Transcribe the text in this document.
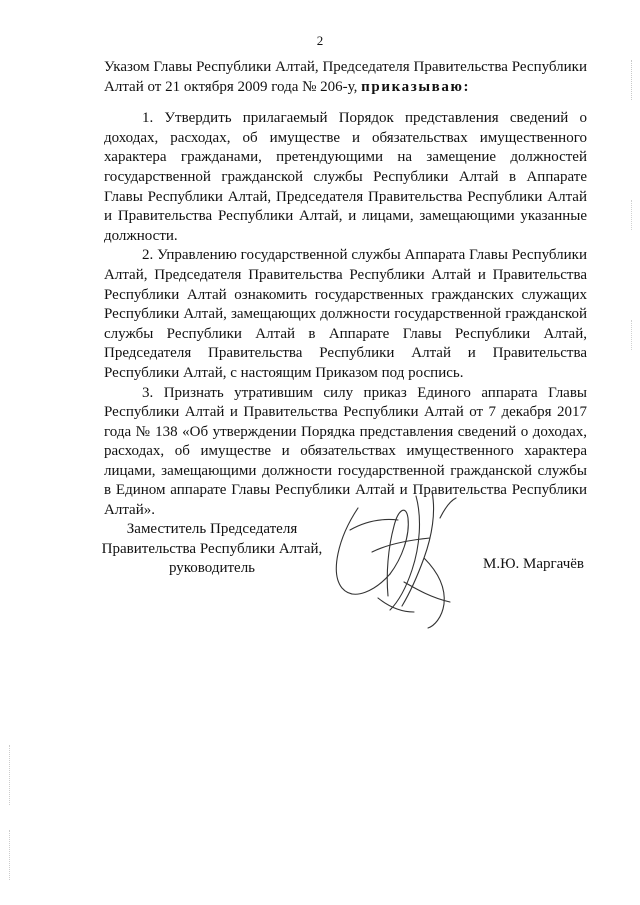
2

Указом Главы Республики Алтай, Председателя Правительства Республики Алтай от 21 октября 2009 года № 206-у, приказываю:

1. Утвердить прилагаемый Порядок представления сведений о доходах, расходах, об имуществе и обязательствах имущественного характера гражданами, претендующими на замещение должностей государственной гражданской службы Республики Алтай в Аппарате Главы Республики Алтай, Председателя Правительства Республики Алтай и Правительства Республики Алтай, и лицами, замещающими указанные должности.

2. Управлению государственной службы Аппарата Главы Республики Алтай, Председателя Правительства Республики Алтай и Правительства Республики Алтай ознакомить государственных гражданских служащих Республики Алтай, замещающих должности государственной гражданской службы Республики Алтай в Аппарате Главы Республики Алтай, Председателя Правительства Республики Алтай и Правительства Республики Алтай, с настоящим Приказом под роспись.

3. Признать утратившим силу приказ Единого аппарата Главы Республики Алтай и Правительства Республики Алтай от 7 декабря 2017 года № 138 «Об утверждении Порядка представления сведений о доходах, расходах, об имуществе и обязательствах имущественного характера лицами, замещающими должности государственной гражданской службы в Едином аппарате Главы Республики Алтай и Правительства Республики Алтай».

Заместитель Председателя
Правительства Республики Алтай,
руководитель	М.Ю. Маргачёв
